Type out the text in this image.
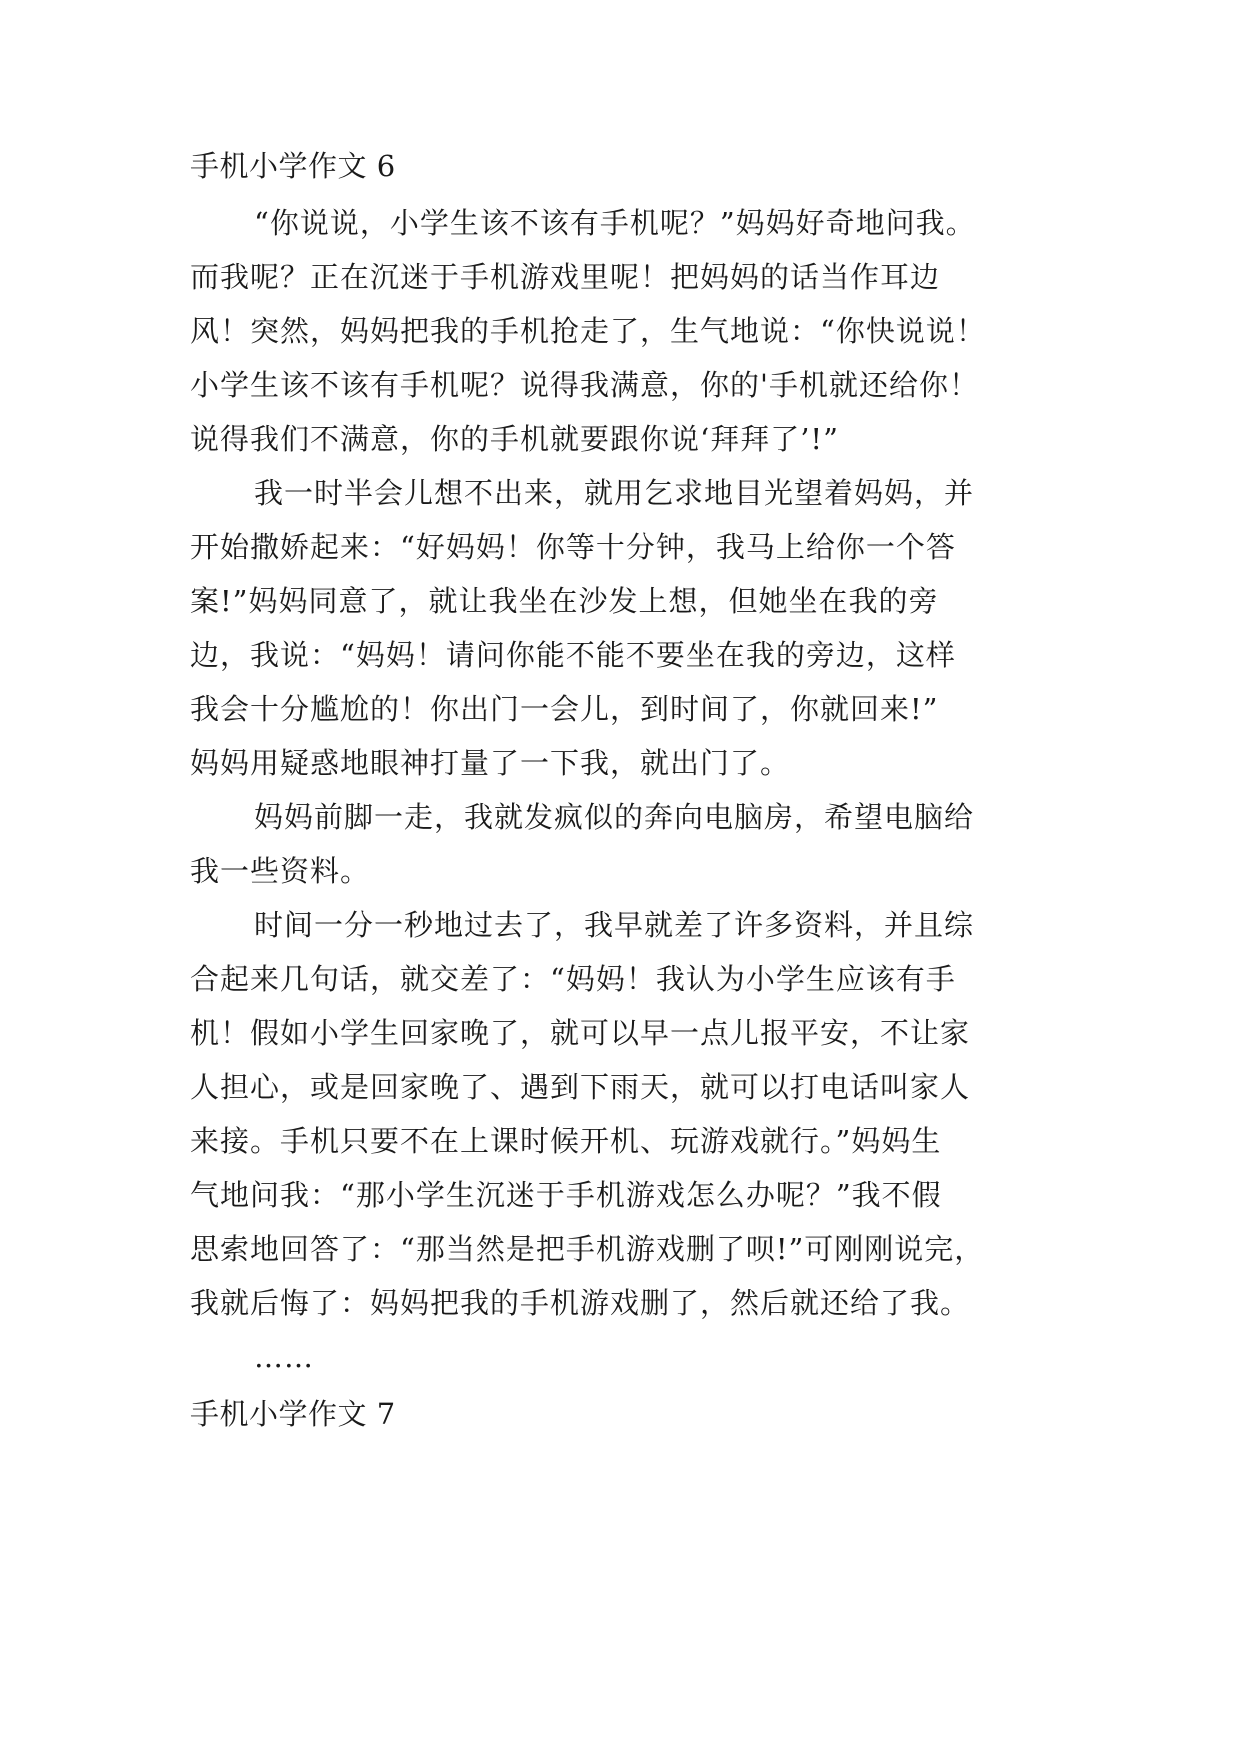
手机小学作文 6
“你说说，小学生该不该有手机呢？”妈妈好奇地问我。
而我呢？正在沉迷于手机游戏里呢！把妈妈的话当作耳边
风！突然，妈妈把我的手机抢走了，生气地说：“你快说说！
小学生该不该有手机呢？说得我满意，你的'手机就还给你！
说得我们不满意，你的手机就要跟你说‘拜拜了’!”
我一时半会儿想不出来，就用乞求地目光望着妈妈，并
开始撒娇起来：“好妈妈！你等十分钟，我马上给你一个答
案!”妈妈同意了，就让我坐在沙发上想，但她坐在我的旁
边，我说：“妈妈！请问你能不能不要坐在我的旁边，这样
我会十分尴尬的！你出门一会儿，到时间了，你就回来!”
妈妈用疑惑地眼神打量了一下我，就出门了。
妈妈前脚一走，我就发疯似的奔向电脑房，希望电脑给
我一些资料。
时间一分一秒地过去了，我早就差了许多资料，并且综
合起来几句话，就交差了：“妈妈！我认为小学生应该有手
机！假如小学生回家晚了，就可以早一点儿报平安，不让家
人担心，或是回家晚了、遇到下雨天，就可以打电话叫家人
来接。手机只要不在上课时候开机、玩游戏就行。”妈妈生
气地问我：“那小学生沉迷于手机游戏怎么办呢？”我不假
思索地回答了：“那当然是把手机游戏删了呗!”可刚刚说完，
我就后悔了：妈妈把我的手机游戏删了，然后就还给了我。
……
手机小学作文 7
